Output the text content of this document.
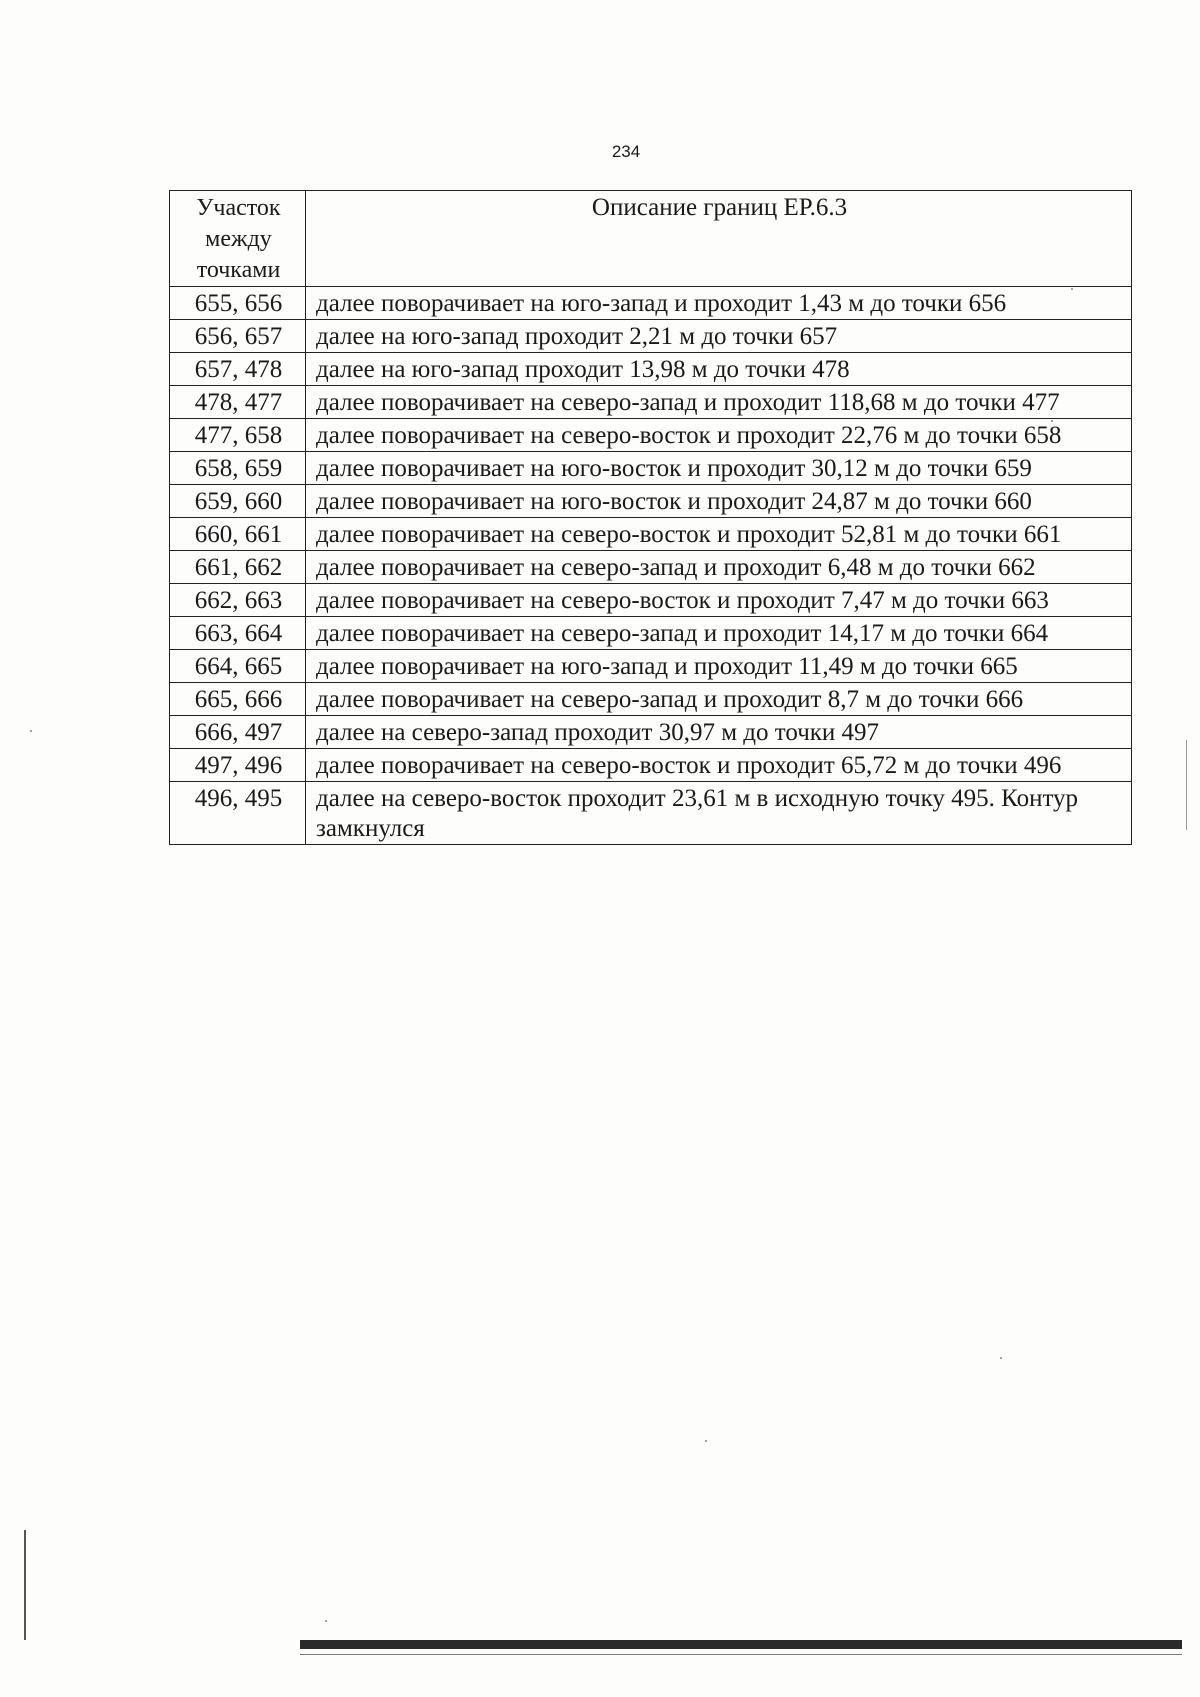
234
Участок
между
точками	Описание границ ЕР.6.3
655, 656	далее поворачивает на юго-запад и проходит 1,43 м до точки 656
656, 657	далее на юго-запад проходит 2,21 м до точки 657
657, 478	далее на юго-запад проходит 13,98 м до точки 478
478, 477	далее поворачивает на северо-запад и проходит 118,68 м до точки 477
477, 658	далее поворачивает на северо-восток и проходит 22,76 м до точки 658
658, 659	далее поворачивает на юго-восток и проходит 30,12 м до точки 659
659, 660	далее поворачивает на юго-восток и проходит 24,87 м до точки 660
660, 661	далее поворачивает на северо-восток и проходит 52,81 м до точки 661
661, 662	далее поворачивает на северо-запад и проходит 6,48 м до точки 662
662, 663	далее поворачивает на северо-восток и проходит 7,47 м до точки 663
663, 664	далее поворачивает на северо-запад и проходит 14,17 м до точки 664
664, 665	далее поворачивает на юго-запад и проходит 11,49 м до точки 665
665, 666	далее поворачивает на северо-запад и проходит 8,7 м до точки 666
666, 497	далее на северо-запад проходит 30,97 м до точки 497
497, 496	далее поворачивает на северо-восток и проходит 65,72 м до точки 496
496, 495	далее на северо-восток проходит 23,61 м в исходную точку 495. Контур замкнулся
